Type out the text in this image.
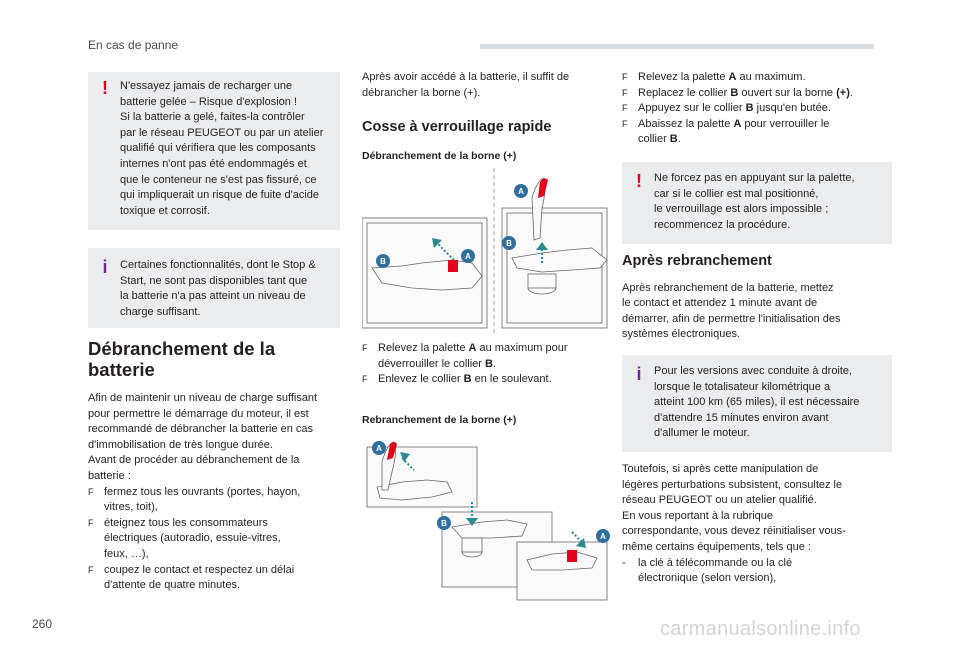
En cas de panne
!	N'essayez jamais de recharger une

batterie gelée – Risque d'explosion !

Si la batterie a gelé, faites-la contrôler

par le réseau PEUGEOT ou par un atelier

qualifié qui vérifiera que les composants

internes n'ont pas été endommagés et

que le conteneur ne s'est pas fissuré, ce

qui impliquerait un risque de fuite d'acide

toxique et corrosif.

i	Certaines fonctionnalités, dont le Stop &

Start, ne sont pas disponibles tant que

la batterie n'a pas atteint un niveau de

charge suffisant.

Débranchement de la
batterie

Afin de maintenir un niveau de charge suffisant

pour permettre le démarrage du moteur, il est

recommandé de débrancher la batterie en cas

d'immobilisation de très longue durée.

Avant de procéder au débranchement de la

batterie :

F fermez tous les ouvrants (portes, hayon,
vitres, toit),

F éteignez tous les consommateurs
électriques (autoradio, essuie-vitres,
feux, …),

F coupez le contact et respectez un délai
d'attente de quatre minutes.

Après avoir accédé à la batterie, il suffit de

débrancher la borne (+).

Cosse à verrouillage rapide
Débranchement de la borne (+)
A
B
A
B

F Relevez la palette A au maximum pour
déverrouiller le collier B.

F Enlevez le collier B en le soulevant.

Rebranchement de la borne (+)
A
B
A

F Relevez la palette A au maximum.

F Replacez le collier B ouvert sur la borne (+).

F Appuyez sur le collier B jusqu'en butée.

F Abaissez la palette A pour verrouiller le
collier B.

!	Ne forcez pas en appuyant sur la palette,

car si le collier est mal positionné,

le verrouillage est alors impossible ;

recommencez la procédure.

Après rebranchement

Après rebranchement de la batterie, mettez

le contact et attendez 1 minute avant de

démarrer, afin de permettre l'initialisation des

systèmes électroniques.

i	Pour les versions avec conduite à droite,

lorsque le totalisateur kilométrique a

atteint 100 km (65 miles), il est nécessaire

d'attendre 15 minutes environ avant

d'allumer le moteur.

Toutefois, si après cette manipulation de

légères perturbations subsistent, consultez le

réseau PEUGEOT ou un atelier qualifié.

En vous reportant à la rubrique

correspondante, vous devez réinitialiser vous-

même certains équipements, tels que :

- la clé à télécommande ou la clé
électronique (selon version),

260	carmanualsonline.info
